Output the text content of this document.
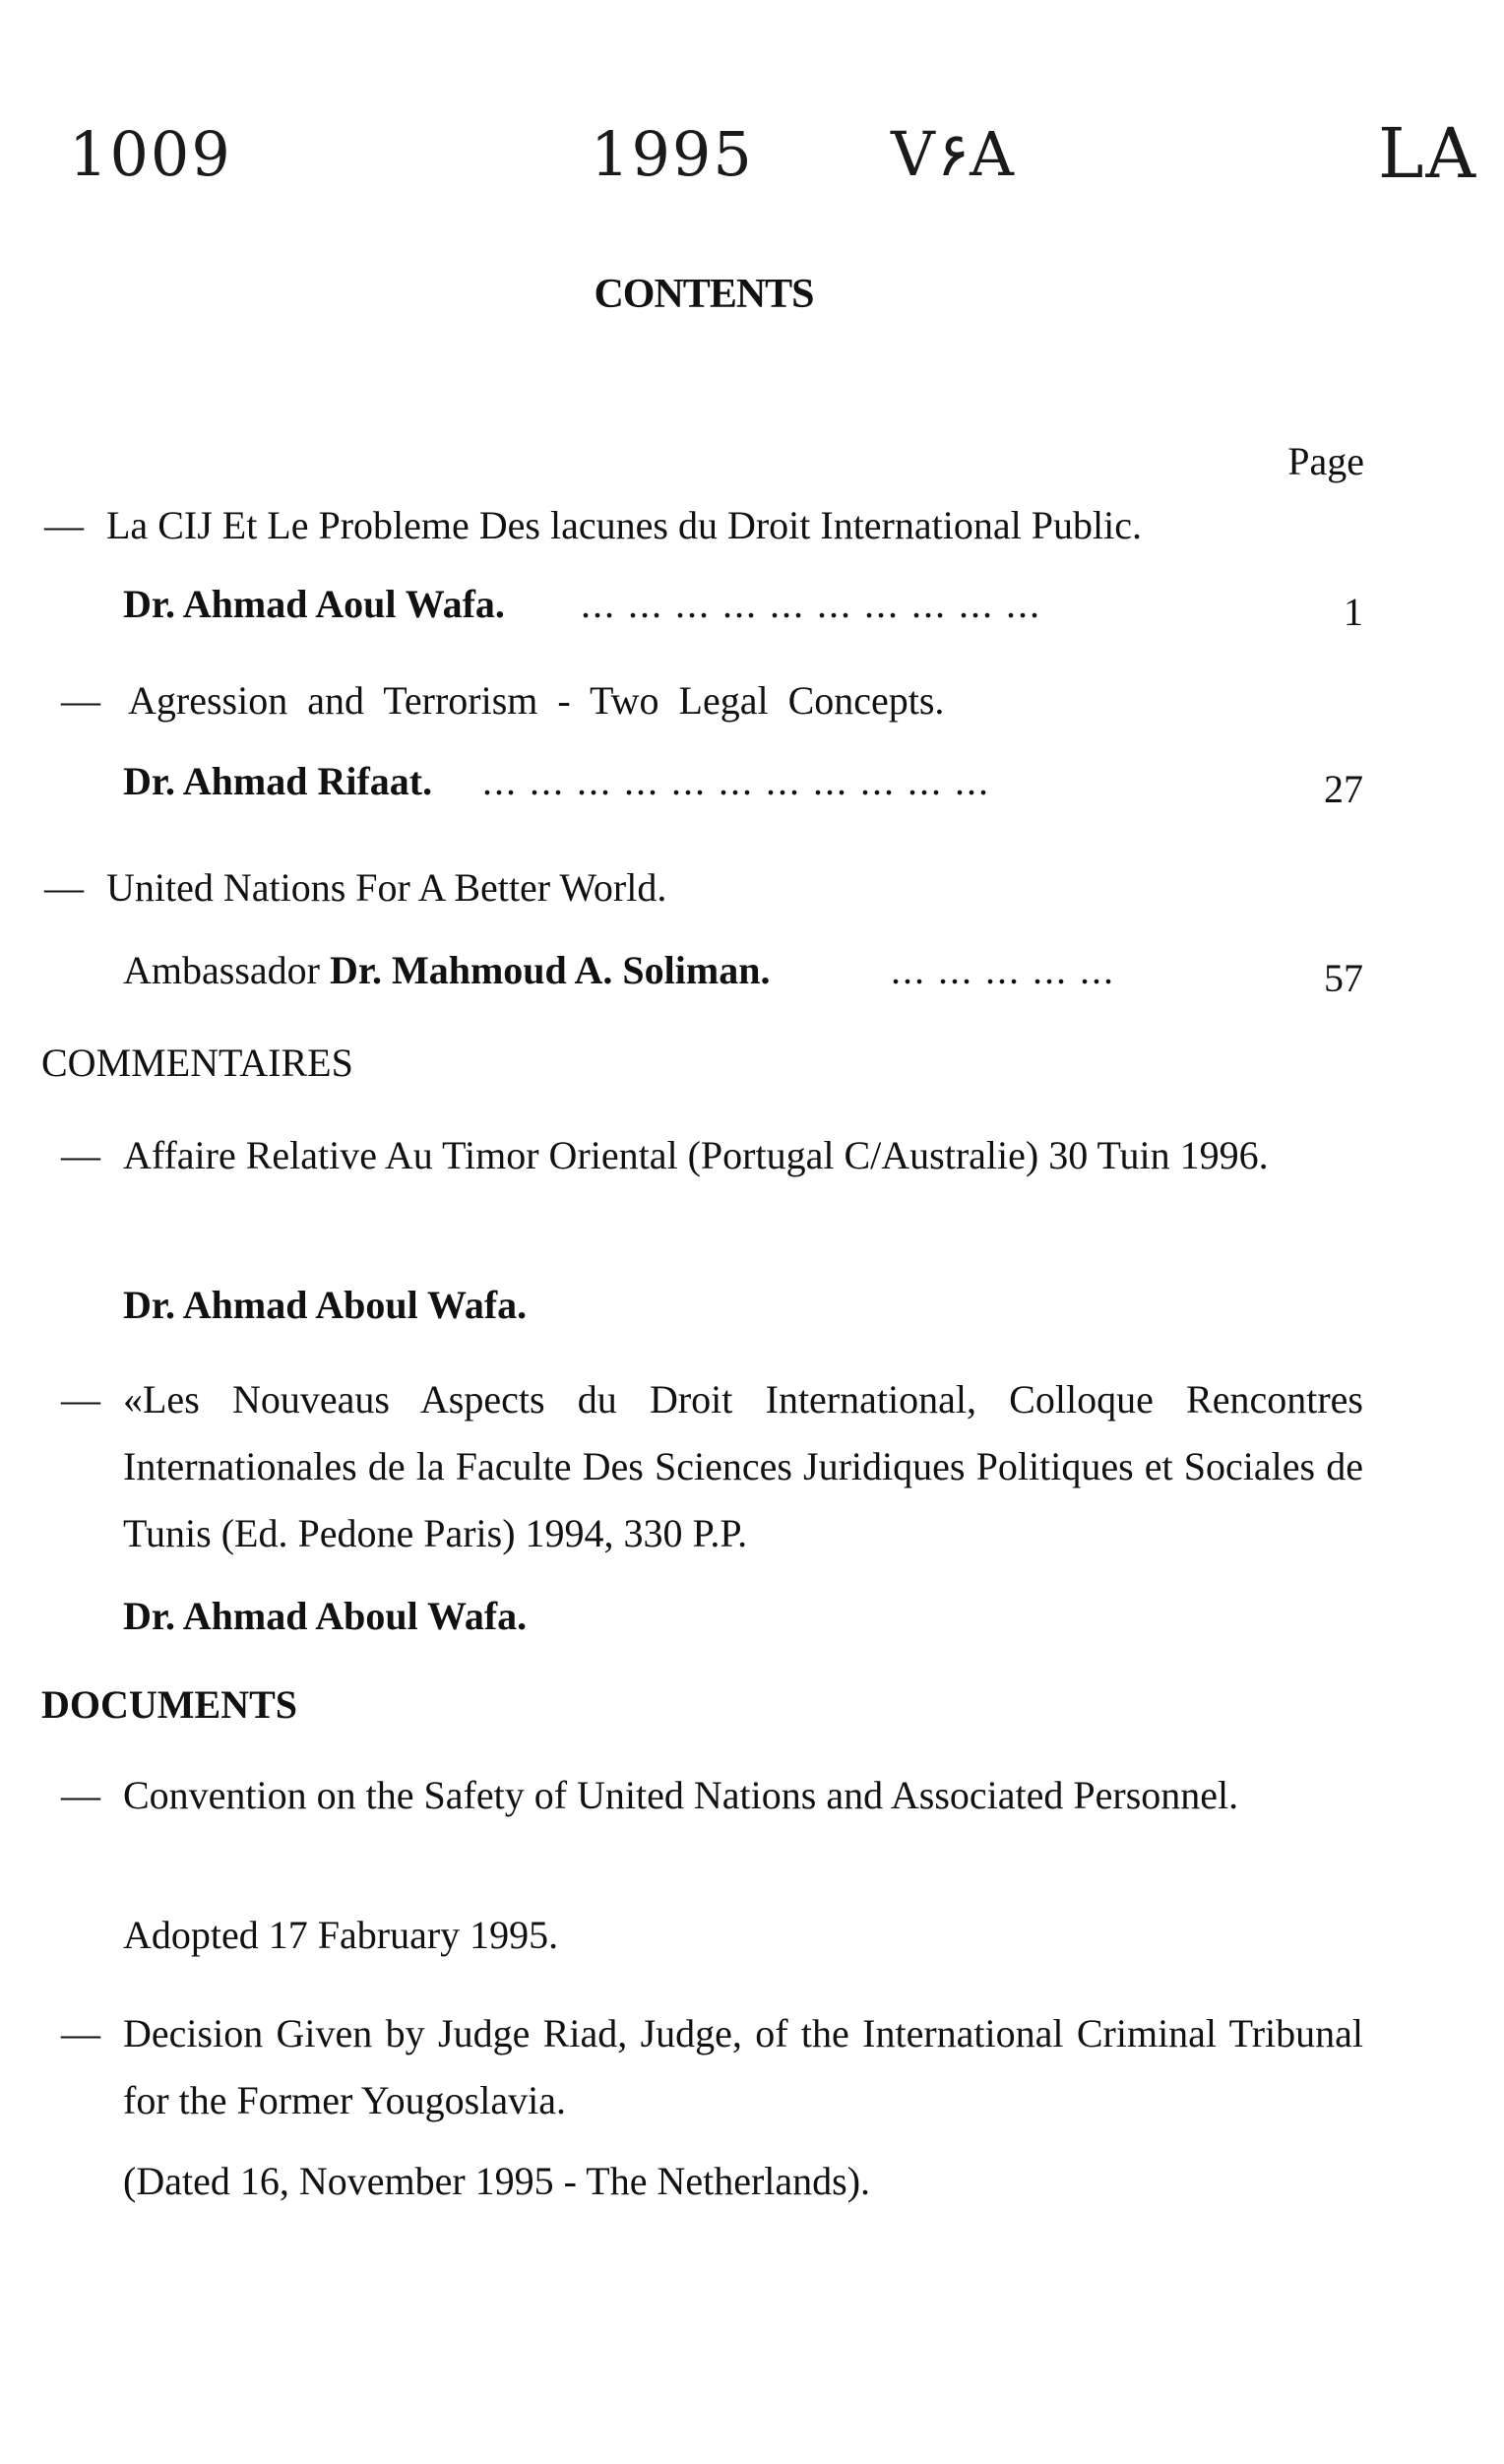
1009	1995 V۶A	LA
CONTENTS
Page
— La CIJ Et Le Probleme Des lacunes du Droit International Public.
Dr. Ahmad Aoul Wafa. ... ... ... ... ... ... ... ... ... ...	1
— Agression and Terrorism - Two Legal Concepts.
Dr. Ahmad Rifaat. ... ... ... ... ... ... ... ... ... ... ...	27
— United Nations For A Better World.
Ambassador Dr. Mahmoud A. Soliman.	... ... ... ... ...	57
COMMENTAIRES
— Affaire Relative Au Timor Oriental (Portugal C/Australie) 30 Tuin 1996.
Dr. Ahmad Aboul Wafa.
— «Les Nouveaus Aspects du Droit International, Colloque Rencontres Internationales de la Faculte Des Sciences Juridiques Politiques et Sociales de Tunis (Ed. Pedone Paris) 1994, 330 P.P.
Dr. Ahmad Aboul Wafa.
DOCUMENTS
— Convention on the Safety of United Nations and Associated Personnel.
Adopted 17 Fabruary 1995.
— Decision Given by Judge Riad, Judge, of the International Criminal Tribunal for the Former Yougoslavia.
(Dated 16, November 1995 - The Netherlands).
